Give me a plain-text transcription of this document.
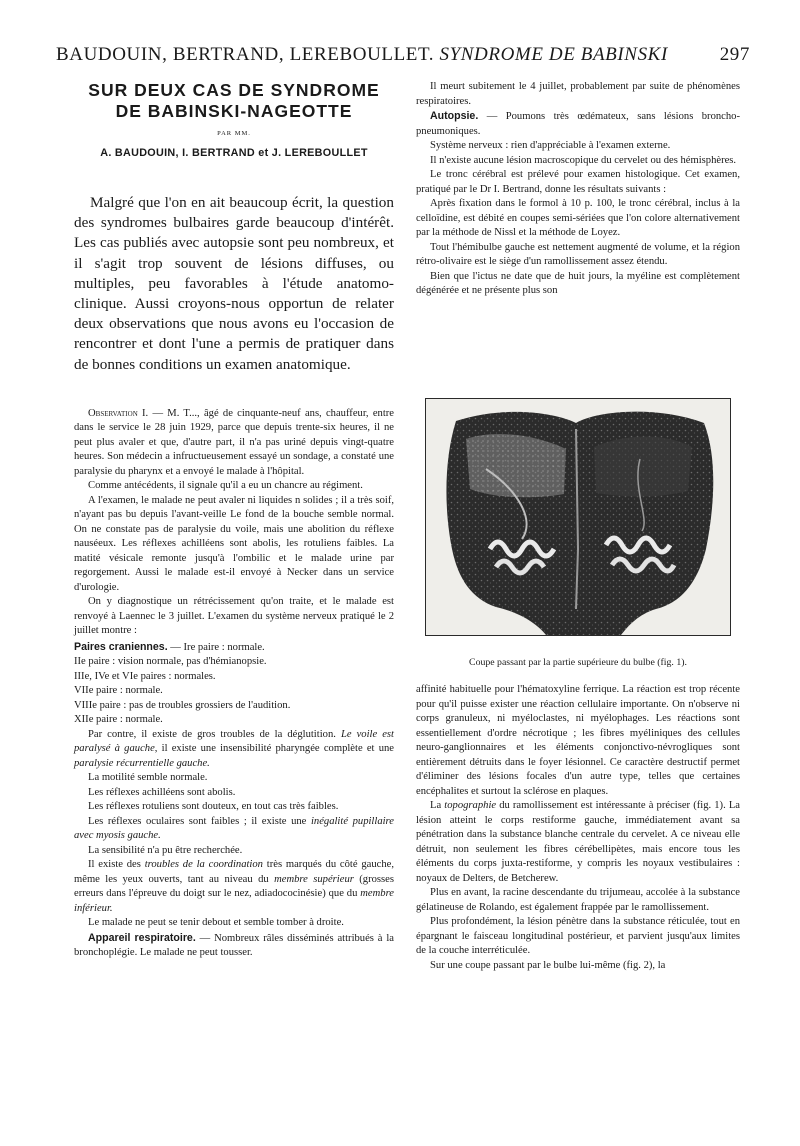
BAUDOUIN, BERTRAND, LEREBOULLET. SYNDROME DE BABINSKI	297
SUR DEUX CAS DE SYNDROME
DE BABINSKI-NAGEOTTE
PAR MM.
A. BAUDOUIN, I. BERTRAND et J. LEREBOULLET
Malgré que l'on en ait beaucoup écrit, la question des syndromes bulbaires garde beaucoup d'intérêt. Les cas publiés avec autopsie sont peu nombreux, et il s'agit trop souvent de lésions diffuses, ou multiples, peu favorables à l'étude anatomo-clinique. Aussi croyons-nous opportun de relater deux observations que nous avons eu l'occasion de rencontrer et dont l'une a permis de pratiquer dans de bonnes conditions un examen anatomique.

Observation I. — M. T..., âgé de cinquante-neuf ans, chauffeur, entre dans le service le 28 juin 1929, parce que depuis trente-six heures, il ne peut plus avaler et que, d'autre part, il n'a pas uriné depuis vingt-quatre heures. Son médecin a infructueusement essayé un sondage, a constaté une paralysie du pharynx et a envoyé le malade à l'hôpital.

Comme antécédents, il signale qu'il a eu un chancre au régiment.

A l'examen, le malade ne peut avaler ni liquides n solides ; il a très soif, n'ayant pas bu depuis l'avant-veille Le fond de la bouche semble normal. On ne constate pas de paralysie du voile, mais une abolition du réflexe nauséeux. Les réflexes achilléens sont abolis, les rotuliens faibles. La matité vésicale remonte jusqu'à l'ombilic et le malade urine par regorgement. Aussi le malade est-il envoyé à Necker dans un service d'urologie.

On y diagnostique un rétrécissement qu'on traite, et le malade est renvoyé à Laennec le 3 juillet. L'examen du système nerveux pratiqué le 2 juillet montre :

Paires craniennes. — Ire paire : normale.
IIe paire : vision normale, pas d'hémianopsie.
IIIe, IVe et VIe paires : normales.
VIIe paire : normale.
VIIIe paire : pas de troubles grossiers de l'audition.
XIIe paire : normale.

Par contre, il existe de gros troubles de la déglutition. Le voile est paralysé à gauche, il existe une insensibilité pharyngée complète et une paralysie récurrentielle gauche.

La motilité semble normale.

Les réflexes achilléens sont abolis.

Les réflexes rotuliens sont douteux, en tout cas très faibles.

Les réflexes oculaires sont faibles ; il existe une inégalité pupillaire avec myosis gauche.

La sensibilité n'a pu être recherchée.

Il existe des troubles de la coordination très marqués du côté gauche, même les yeux ouverts, tant au niveau du membre supérieur (grosses erreurs dans l'épreuve du doigt sur le nez, adiadococinésie) que du membre inférieur.

Le malade ne peut se tenir debout et semble tomber à droite.

Appareil respiratoire. — Nombreux râles disséminés attribués à la bronchoplégie. Le malade ne peut tousser.

Il meurt subitement le 4 juillet, probablement par suite de phénomènes respiratoires.

Autopsie. — Poumons très œdémateux, sans lésions broncho-pneumoniques.

Système nerveux : rien d'appréciable à l'examen externe.

Il n'existe aucune lésion macroscopique du cervelet ou des hémisphères.

Le tronc cérébral est prélevé pour examen histologique. Cet examen, pratiqué par le Dr I. Bertrand, donne les résultats suivants :

Après fixation dans le formol à 10 p. 100, le tronc cérébral, inclus à la celloïdine, est débité en coupes semi-sériées que l'on colore alternativement par la méthode de Nissl et la méthode de Loyez.

Tout l'hémibulbe gauche est nettement augmenté de volume, et la région rétro-olivaire est le siège d'un ramollissement assez étendu.

Bien que l'ictus ne date que de huit jours, la myéline est complètement dégénérée et ne présente plus son

Coupe passant par la partie supérieure du bulbe (fig. 1).

affinité habituelle pour l'hématoxyline ferrique. La réaction est trop récente pour qu'il puisse exister une réaction cellulaire importante. On n'observe ni corps granuleux, ni myéloclastes, ni myélophages. Les réactions sont essentiellement d'ordre nécrotique ; les fibres myéliniques des cellules neuro-ganglionnaires et les éléments conjonctivo-névrogliques sont entièrement détruits dans le foyer lésionnel. Ce caractère destructif permet d'éliminer des lésions focales d'un autre type, telles que certaines encéphalites et surtout la sclérose en plaques.

La topographie du ramollissement est intéressante à préciser (fig. 1). La lésion atteint le corps restiforme gauche, immédiatement avant sa pénétration dans la substance blanche centrale du cervelet. A ce niveau elle détruit, non seulement les fibres cérébellipètes, mais encore tous les éléments du corps juxta-restiforme, y compris les noyaux vestibulaires : noyaux de Delters, de Betcherew.

Plus en avant, la racine descendante du trijumeau, accolée à la substance gélatineuse de Rolando, est également frappée par le ramollissement.

Plus profondément, la lésion pénètre dans la substance réticulée, tout en épargnant le faisceau longitudinal postérieur, et parvient jusqu'aux limites de la couche interréticulée.

Sur une coupe passant par le bulbe lui-même (fig. 2), la
